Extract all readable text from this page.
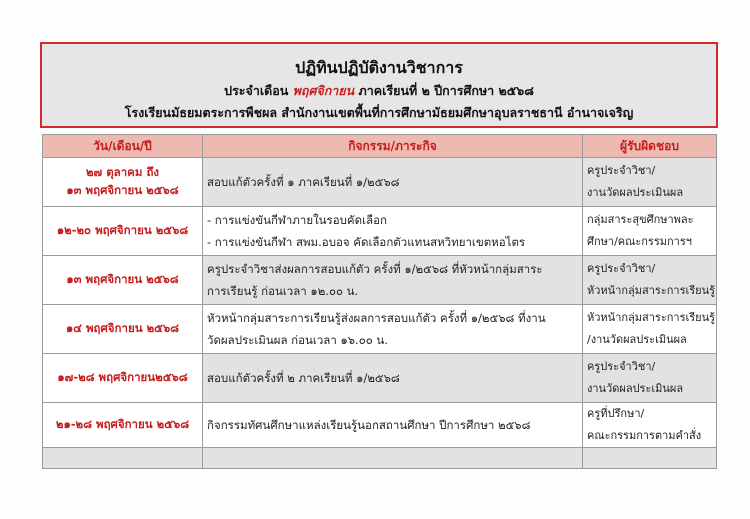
ปฏิทินปฏิบัติงานวิชาการ
ประจำเดือน พฤศจิกายน ภาคเรียนที่ ๒ ปีการศึกษา ๒๕๖๘
โรงเรียนมัธยมตระการพืชผล สำนักงานเขตพื้นที่การศึกษามัธยมศึกษาอุบลราชธานี อำนาจเจริญ
วัน/เดือน/ปี	กิจกรรม/ภาระกิจ	ผู้รับผิดชอบ

๒๗ ตุลาคม ถึง
๑๓ พฤศจิกายน ๒๕๖๘	สอบแก้ตัวครั้งที่ ๑ ภาคเรียนที่ ๑/๒๕๖๘	ครูประจำวิชา/
งานวัดผลประเมินผล

๑๒-๒๐ พฤศจิกายน ๒๕๖๘	- การแข่งขันกีฬาภายในรอบคัดเลือก
- การแข่งขันกีฬา สพม.อบอจ คัดเลือกตัวแทนสหวิทยาเขตหอไตร	กลุ่มสาระสุขศึกษาพละ
ศึกษา/คณะกรรมการฯ

๑๓ พฤศจิกายน ๒๕๖๘	ครูประจำวิชาส่งผลการสอบแก้ตัว ครั้งที่ ๑/๒๕๖๘ ที่หัวหน้ากลุ่มสาระ
การเรียนรู้ ก่อนเวลา ๑๒.๐๐ น.	ครูประจำวิชา/
หัวหน้ากลุ่มสาระการเรียนรู้

๑๔ พฤศจิกายน ๒๕๖๘	หัวหน้ากลุ่มสาระการเรียนรู้ส่งผลการสอบแก้ตัว ครั้งที่ ๑/๒๕๖๘ ที่งาน
วัดผลประเมินผล ก่อนเวลา ๑๖.๐๐ น.	หัวหน้ากลุ่มสาระการเรียนรู้
/งานวัดผลประเมินผล

๑๗-๒๘ พฤศจิกายน๒๕๖๘	สอบแก้ตัวครั้งที่ ๒ ภาคเรียนที่ ๑/๒๕๖๘	ครูประจำวิชา/
งานวัดผลประเมินผล

๒๑-๒๘ พฤศจิกายน ๒๕๖๘	กิจกรรมทัศนศึกษาแหล่งเรียนรู้นอกสถานศึกษา ปีการศึกษา ๒๕๖๘	ครูที่ปรึกษา/
คณะกรรมการตามคำสั่ง
